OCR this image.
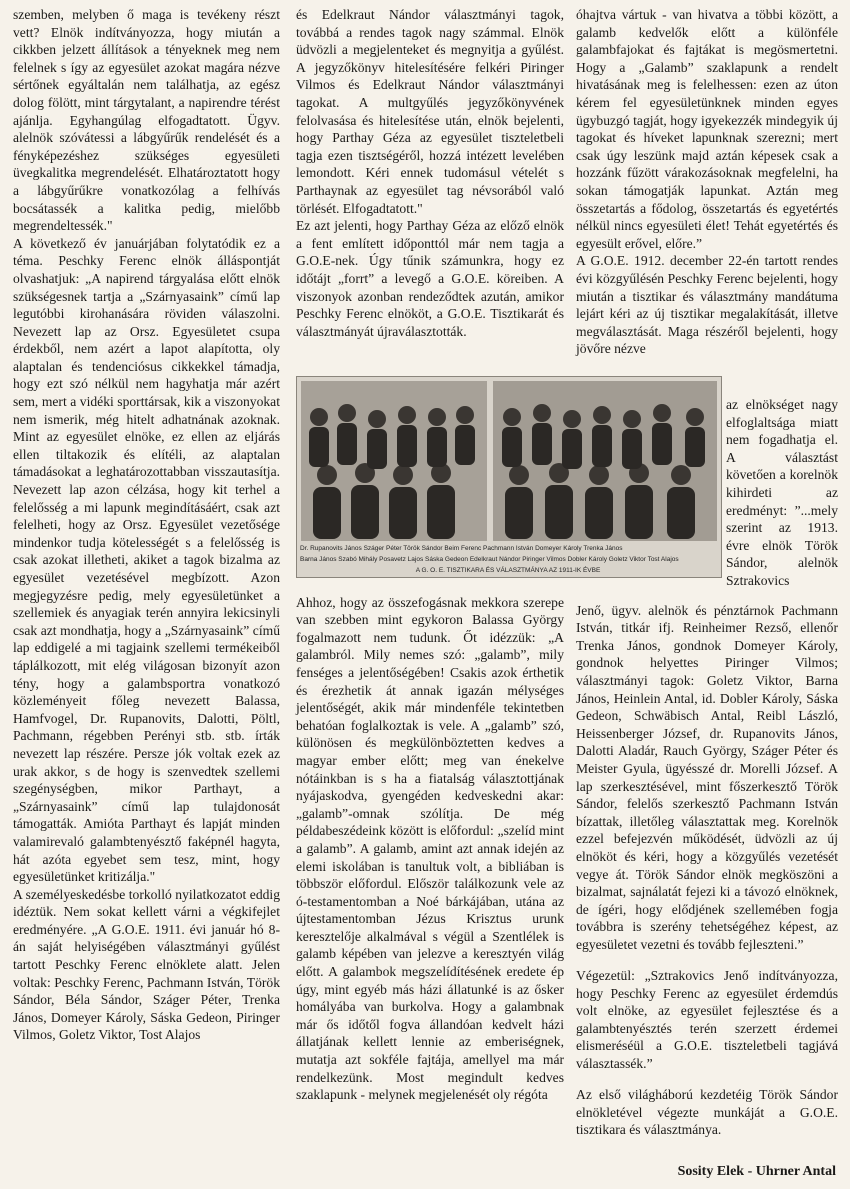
szemben, melyben ő maga is tevékeny részt vett? Elnök indítványozza, hogy miután a cikkben jelzett állítások a tényeknek meg nem felelnek s így az egyesület azokat magára nézve sértőnek egyáltalán nem találhatja, az egész dolog fölött, mint tárgytalant, a napirendre térést ajánlja. Egyhangúlag elfogadtatott. Ügyv. alelnök szóvátessi a lábgyűrűk rendelését és a fényképezéshez szükséges egyesületi üvegkalitka megrendelését. Elhatároztatott hogy a lábgyűrűkre vonatkozólag a felhívás bocsátassék a kalitka pedig, mielőbb megrendeltessék."

A következő év januárjában folytatódik ez a téma. Peschky Ferenc elnök álláspontját olvashatjuk: „A napirend tárgyalása előtt elnök szükségesnek tartja a „Szárnyasaink” című lap legutóbbi kirohanására röviden válaszolni. Nevezett lap az Orsz. Egyesületet csupa érdekből, nem azért a lapot alapította, oly alaptalan és tendenciósus cikkekkel támadja, hogy ezt szó nélkül nem hagyhatja már azért sem, mert a vidéki sporttársak, kik a viszonyokat nem ismerik, még hitelt adhatnának azoknak. Mint az egyesület elnöke, ez ellen az eljárás ellen tiltakozik és elítéli, az alaptalan támadásokat a leghatározottabban visszautasítja. Nevezett lap azon célzása, hogy kit terhel a felelősség a mi lapunk megindításáért, csak azt felelheti, hogy az Orsz. Egyesület vezetősége mindenkor tudja kötelességét s a felelősség is csak azokat illetheti, akiket a tagok bizalma az egyesület vezetésével megbízott. Azon megjegyzésre pedig, mely egyesületünket a szellemiek és anyagiak terén annyira lekicsinyli csak azt mondhatja, hogy a „Szárnyasaink” című lap eddigelé a mi tagjaink szellemi termékeiből táplálkozott, mit elég világosan bizonyít azon tény, hogy a galambsportra vonatkozó közleményeit főleg nevezett Balassa, Hamfvogel, Dr. Rupanovits, Dalotti, Pöltl, Pachmann, régebben Perényi stb. stb. írták nevezett lap részére. Persze jók voltak ezek az urak akkor, s de hogy is szenvedtek szellemi szegénységben, mikor Parthayt, a „Szárnyasaink” című lap tulajdonosát támogatták. Amióta Parthayt és lapját minden valamirevaló galambtenyésztő faképnél hagyta, hát azóta egyebet sem tesz, mint, hogy egyesületünket kritizálja."

A személyeskedésbe torkolló nyilatkozatot eddig idéztük. Nem sokat kellett várni a végkifejlet eredményére. „A G.O.E. 1911. évi január hó 8-án saját helyiségében választmányi gyűlést tartott Peschky Ferenc elnöklete alatt. Jelen voltak: Peschky Ferenc, Pachmann István, Török Sándor, Béla Sándor, Száger Péter, Trenka János, Domeyer Károly, Sáska Gedeon, Piringer Vilmos, Goletz Viktor, Tost Alajos

és Edelkraut Nándor választmányi tagok, továbbá a rendes tagok nagy számmal. Elnök üdvözli a megjelenteket és megnyitja a gyűlést. A jegyzőkönyv hitelesítésére felkéri Piringer Vilmos és Edelkraut Nándor választmányi tagokat. A multgyűlés jegyzőkönyvének felolvasása és hitelesítése után, elnök bejelenti, hogy Parthay Géza az egyesület tiszteletbeli tagja ezen tisztségéről, hozzá intézett levelében lemondott. Kéri ennek tudomásul vételét s Parthaynak az egyesület tag névsorából való törlését. Elfogadtatott."

Ez azt jelenti, hogy Parthay Géza az előző elnök a fent említett időponttól már nem tagja a G.O.E-nek. Úgy tűnik számunkra, hogy ez időtájt „forrt” a levegő a G.O.E. köreiben. A viszonyok azonban rendeződtek azután, amikor Peschky Ferenc elnököt, a G.O.E. Tisztikarát és választmányát újraválasztották.

Dr. Rupanovits János Száger Péter Török Sándor Beim Ferenc Pachmann István Domeyer Károly Trenka János
Barna János Szabó Mihály Posavetz Lajos Sáska Gedeon Edelkraut Nándor Piringer Vilmos Dobler Károly Goletz Viktor Tost Alajos
A G. O. E. TISZTIKARA ÉS VÁLASZTMÁNYA AZ 1911-IK ÉVBE

Ahhoz, hogy az összefogásnak mekkora szerepe van szebben mint egykoron Balassa György fogalmazott nem tudunk. Őt idézzük: „A galambról. Mily nemes szó: „galamb”, mily fenséges a jelentőségében! Csakis azok érthetik és érezhetik át annak igazán mélységes jelentőségét, akik már mindenféle tekintetben behatóan foglalkoztak is vele. A „galamb” szó, különösen és megkülönböztetten kedves a magyar ember előtt; meg van énekelve nótáinkban is s ha a fiatalság választottjának nyájaskodva, gyengéden kedveskedni akar: „galamb”-omnak szólítja. De még példabeszédeink között is előfordul: „szelíd mint a galamb”. A galamb, amint azt annak idején az elemi iskolában is tanultuk volt, a bibliában is többször előfordul. Először találkozunk vele az ó-testamentomban a Noé bárkájában, utána az újtestamentomban Jézus Krisztus urunk keresztelője alkalmával s végül a Szentlélek is galamb képében van jelezve a keresztyén világ előtt. A galambok megszelídítésének eredete ép úgy, mint egyéb más házi állatunké is az ősker homályába van burkolva. Hogy a galambnak már ős időtől fogva állandóan kedvelt házi állatjának kellett lennie az emberiségnek, mutatja azt sokféle fajtája, amellyel ma már rendelkezünk. Most megindult kedves szaklapunk - melynek megjelenését oly régóta

óhajtva vártuk - van hivatva a többi között, a galamb kedvelők előtt a különféle galambfajokat és fajtákat is megösmertetni. Hogy a „Galamb” szaklapunk a rendelt hivatásának meg is felelhessen: ezen az úton kérem fel egyesületünknek minden egyes ügybuzgó tagját, hogy igyekezzék mindegyik új tagokat és híveket lapunknak szerezni; mert csak úgy leszünk majd aztán képesek csak a hozzánk fűzött várakozásoknak megfelelni, ha sokan támogatják lapunkat. Aztán meg összetartás a fődolog, összetartás és egyetértés nélkül nincs egyesületi élet! Tehát egyetértés és egyesült erővel, előre.”

A G.O.E. 1912. december 22-én tartott rendes évi közgyűlésén Peschky Ferenc bejelenti, hogy miután a tisztikar és választmány mandátuma lejárt kéri az új tisztikar megalakítását, illetve megválasztását. Maga részéről bejelenti, hogy jövőre nézve

az elnökséget nagy elfoglaltsága miatt nem fogadhatja el. A választást követően a korelnök kihirdeti az eredményt: ”...mely szerint az 1913. évre elnök Török Sándor, alelnök Sztrakovics

Jenő, ügyv. alelnök és pénztárnok Pachmann István, titkár ifj. Reinheimer Rezső, ellenőr Trenka János, gondnok Domeyer Károly, gondnok helyettes Piringer Vilmos; választmányi tagok: Goletz Viktor, Barna János, Heinlein Antal, id. Dobler Károly, Sáska Gedeon, Schwäbisch Antal, Reibl László, Heissenberger József, dr. Rupanovits János, Dalotti Aladár, Rauch György, Száger Péter és Meister Gyula, ügyésszé dr. Morelli József. A lap szerkesztésével, mint főszerkesztő Török Sándor, felelős szerkesztő Pachmann István bízattak, illetőleg választattak meg. Korelnök ezzel befejezvén működését, üdvözli az új elnököt és kéri, hogy a közgyűlés vezetését vegye át. Török Sándor elnök megköszöni a bizalmat, sajnálatát fejezi ki a távozó elnöknek, de ígéri, hogy elődjének szellemében fogja továbbra is szerény tehetségéhez képest, az egyesületet vezetni és tovább fejleszteni.”

Végezetül: „Sztrakovics Jenő indítványozza, hogy Peschky Ferenc az egyesület érdemdús volt elnöke, az egyesület fejlesztése és a galambtenyésztés terén szerzett érdemei elismeréséül a G.O.E. tiszteletbeli tagjává választassék.”

Az első világháború kezdetéig Török Sándor elnökletével végezte munkáját a G.O.E. tisztikara és választmánya.

Sosity Elek - Uhrner Antal
